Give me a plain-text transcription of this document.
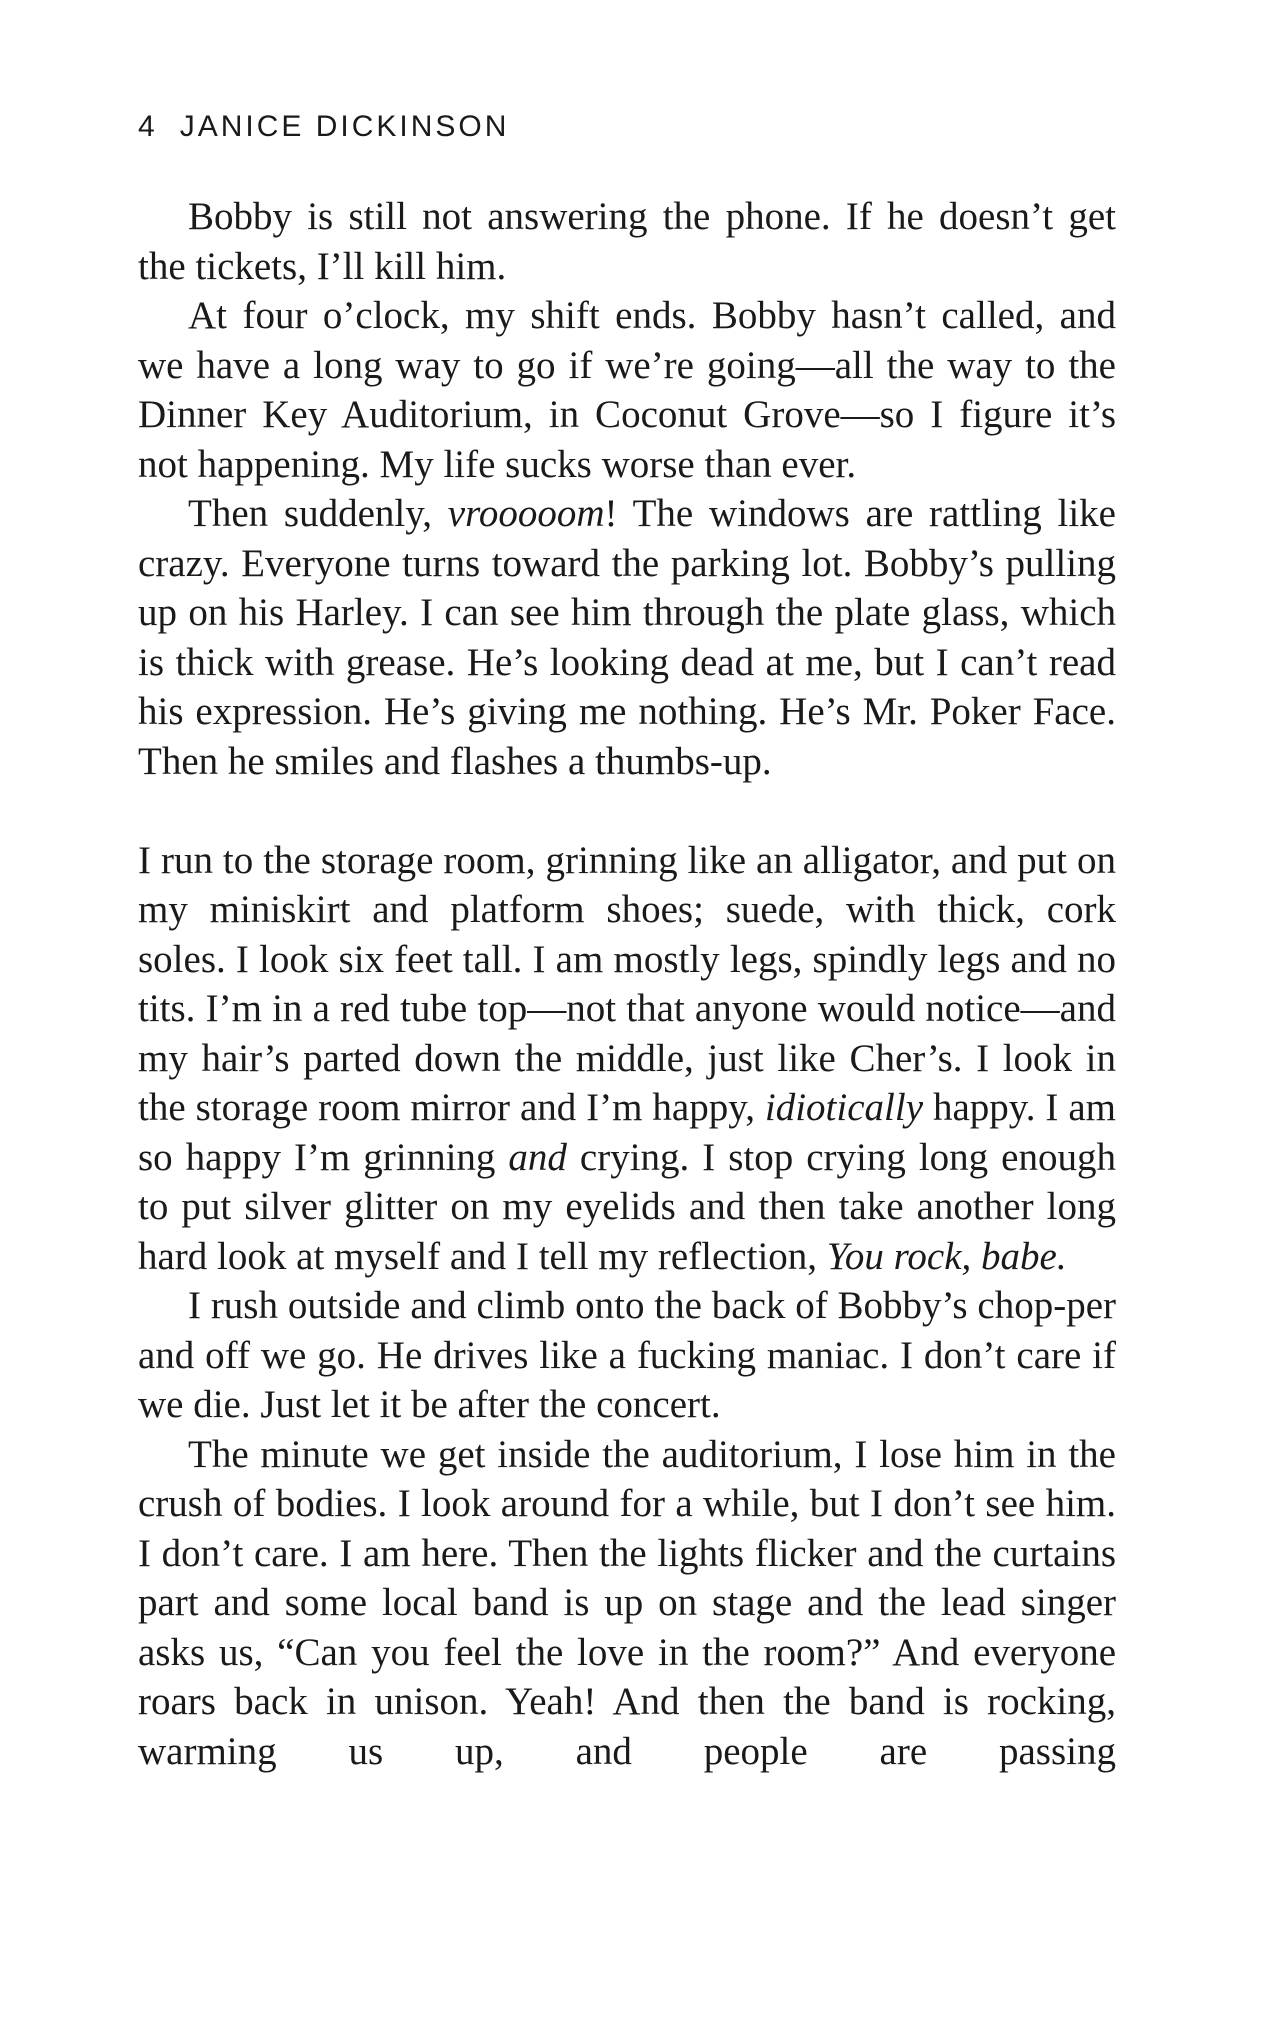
4 JANICE DICKINSON

Bobby is still not answering the phone. If he doesn’t get the tickets, I’ll kill him.

At four o’clock, my shift ends. Bobby hasn’t called, and we have a long way to go if we’re going—all the way to the Dinner Key Auditorium, in Coconut Grove—so I figure it’s not happening. My life sucks worse than ever.

Then suddenly, vrooooom! The windows are rattling like crazy. Everyone turns toward the parking lot. Bobby’s pulling up on his Harley. I can see him through the plate glass, which is thick with grease. He’s looking dead at me, but I can’t read his expression. He’s giving me nothing. He’s Mr. Poker Face. Then he smiles and flashes a thumbs-up.

I run to the storage room, grinning like an alligator, and put on my miniskirt and platform shoes; suede, with thick, cork soles. I look six feet tall. I am mostly legs, spindly legs and no tits. I’m in a red tube top—not that anyone would notice—and my hair’s parted down the middle, just like Cher’s. I look in the storage room mirror and I’m happy, idiotically happy. I am so happy I’m grinning and crying. I stop crying long enough to put silver glitter on my eyelids and then take another long hard look at myself and I tell my reflection, You rock, babe.

I rush outside and climb onto the back of Bobby’s chop-per and off we go. He drives like a fucking maniac. I don’t care if we die. Just let it be after the concert.

The minute we get inside the auditorium, I lose him in the crush of bodies. I look around for a while, but I don’t see him. I don’t care. I am here. Then the lights flicker and the curtains part and some local band is up on stage and the lead singer asks us, “Can you feel the love in the room?” And everyone roars back in unison. Yeah! And then the band is rocking, warming us up, and people are passing
